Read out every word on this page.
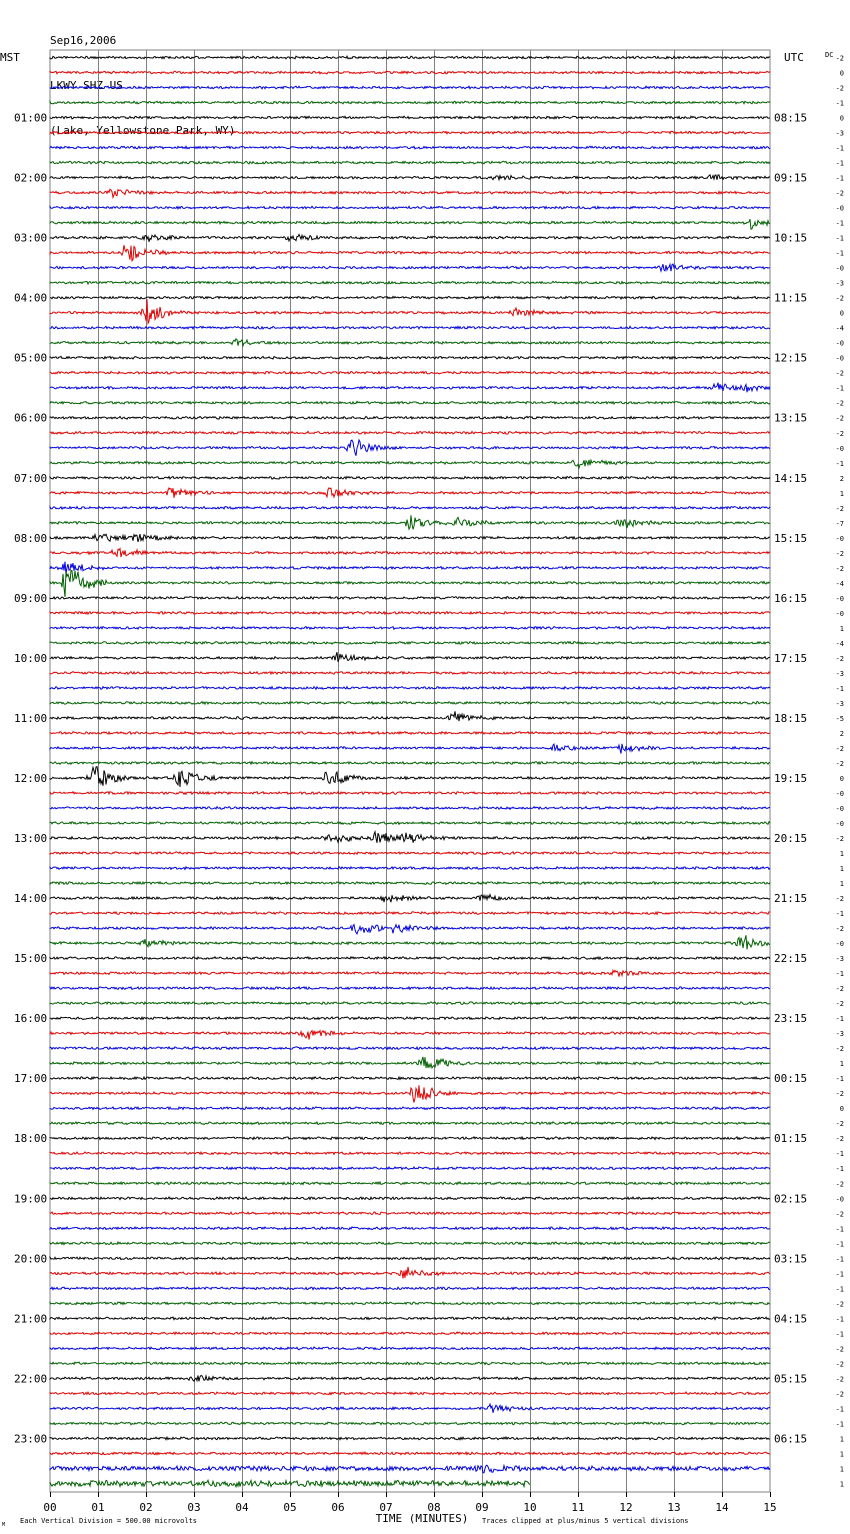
Sep16,2006

LKWY SHZ US

(Lake, Yellowstone Park, WY)

MST	UTC	DC
01:00
02:00
03:00
04:00
05:00
06:00
07:00
08:00
09:00
10:00
11:00
12:00
13:00
14:00
15:00
16:00
17:00
18:00
19:00
20:00
21:00
22:00
23:00
08:15
09:15
10:15
11:15
12:15
13:15
14:15
15:15
16:15
17:15
18:15
19:15
20:15
21:15
22:15
23:15
00:15
01:15
02:15
03:15
04:15
05:15
06:15
-2
0
-2
-1
0
-3
-1
-1
-1
-2
-0
-1
-1
-1
-0
-3
-2
0
-4
-0
-0
-2
-1
-2
-2
-2
-0
-1
2
1
-2
-7
-0
-2
-2
-4
-0
-0
1
-4
-2
-3
-1
-3
-5
2
-2
-2
0
-0
-0
-0
-2
1
1
1
-2
-1
-2
-0
-3
-1
-2
-2
-1
-3
-2
1
-1
-2
0
-2
-2
-1
-1
-2
-0
-2
-1
-1
-1
-1
-1
-2
-1
-1
-2
-2
-2
-2
-1
-1
1
1
1
1
00	01	02	03	04	05	06	07	08	09	10	11	12	13	14	15
TIME (MINUTES)
Each Vertical Division = 500.00 microvolts	Traces clipped at plus/minus 5 vertical divisions
M
